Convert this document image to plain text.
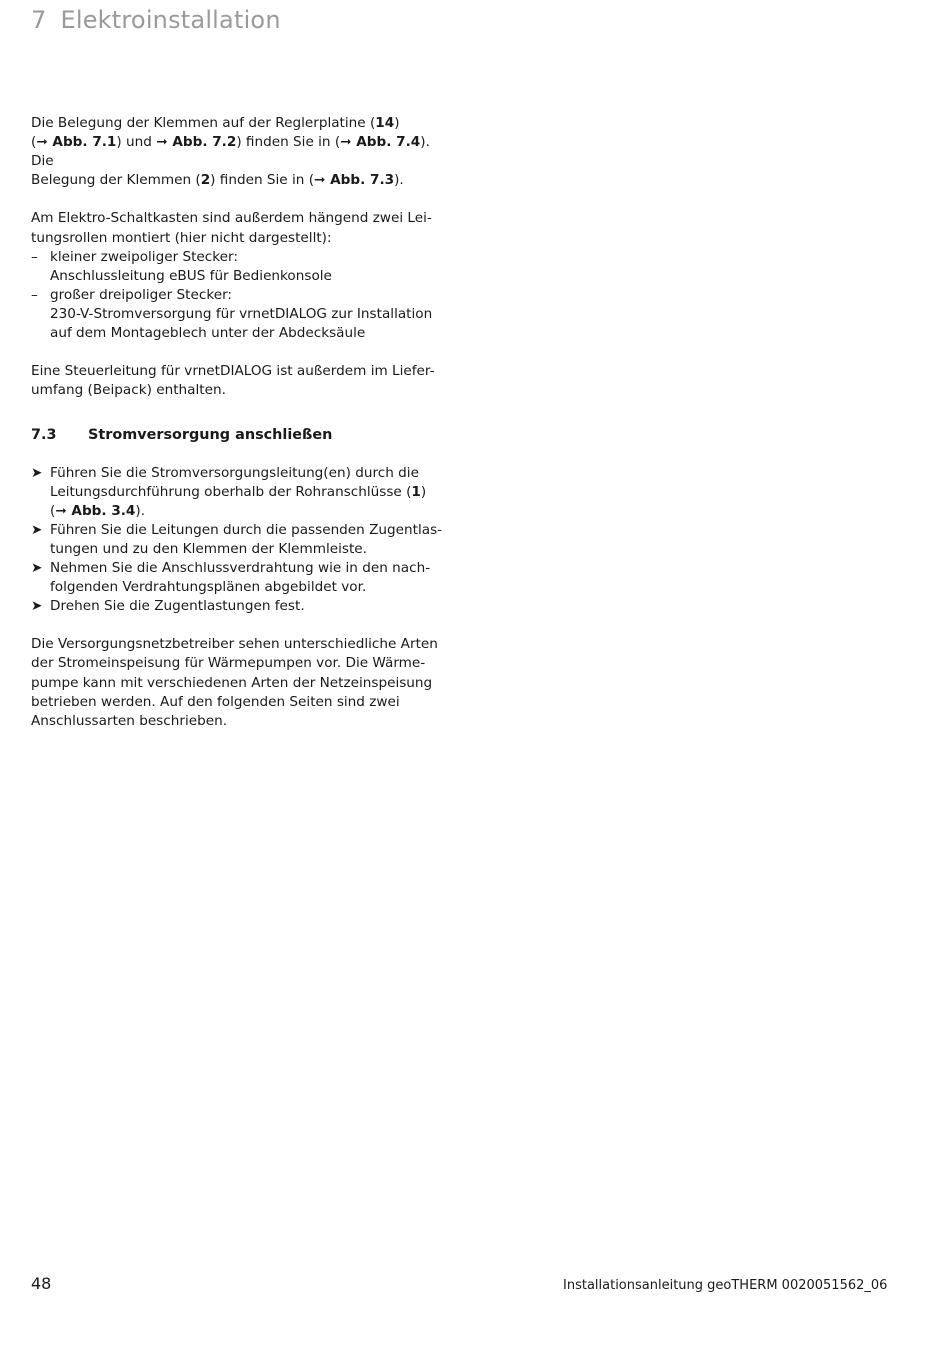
7 Elektroinstallation

Die Belegung der Klemmen auf der Reglerplatine (14)
(➞ Abb. 7.1) und ➞ Abb. 7.2) finden Sie in (➞ Abb. 7.4). Die
Belegung der Klemmen (2) finden Sie in (➞ Abb. 7.3).

Am Elektro-Schaltkasten sind außerdem hängend zwei Lei-
tungsrollen montiert (hier nicht dargestellt):

– kleiner zweipoliger Stecker:
Anschlussleitung eBUS für Bedienkonsole
– großer dreipoliger Stecker:
230-V-Stromversorgung für vrnetDIALOG zur Installation
auf dem Montageblech unter der Abdecksäule

Eine Steuerleitung für vrnetDIALOG ist außerdem im Liefer-
umfang (Beipack) enthalten.

7.3	Stromversorgung anschließen
➤ Führen Sie die Stromversorgungsleitung(en) durch die
Leitungsdurchführung oberhalb der Rohranschlüsse (1)
(➞ Abb. 3.4).
➤ Führen Sie die Leitungen durch die passenden Zugentlas-
tungen und zu den Klemmen der Klemmleiste.
➤ Nehmen Sie die Anschlussverdrahtung wie in den nach-
folgenden Verdrahtungsplänen abgebildet vor.
➤ Drehen Sie die Zugentlastungen fest.

Die Versorgungsnetzbetreiber sehen unterschiedliche Arten
der Stromeinspeisung für Wärmepumpen vor. Die Wärme-
pumpe kann mit verschiedenen Arten der Netzeinspeisung
betrieben werden. Auf den folgenden Seiten sind zwei
Anschlussarten beschrieben.

48	Installationsanleitung geoTHERM 0020051562_06
